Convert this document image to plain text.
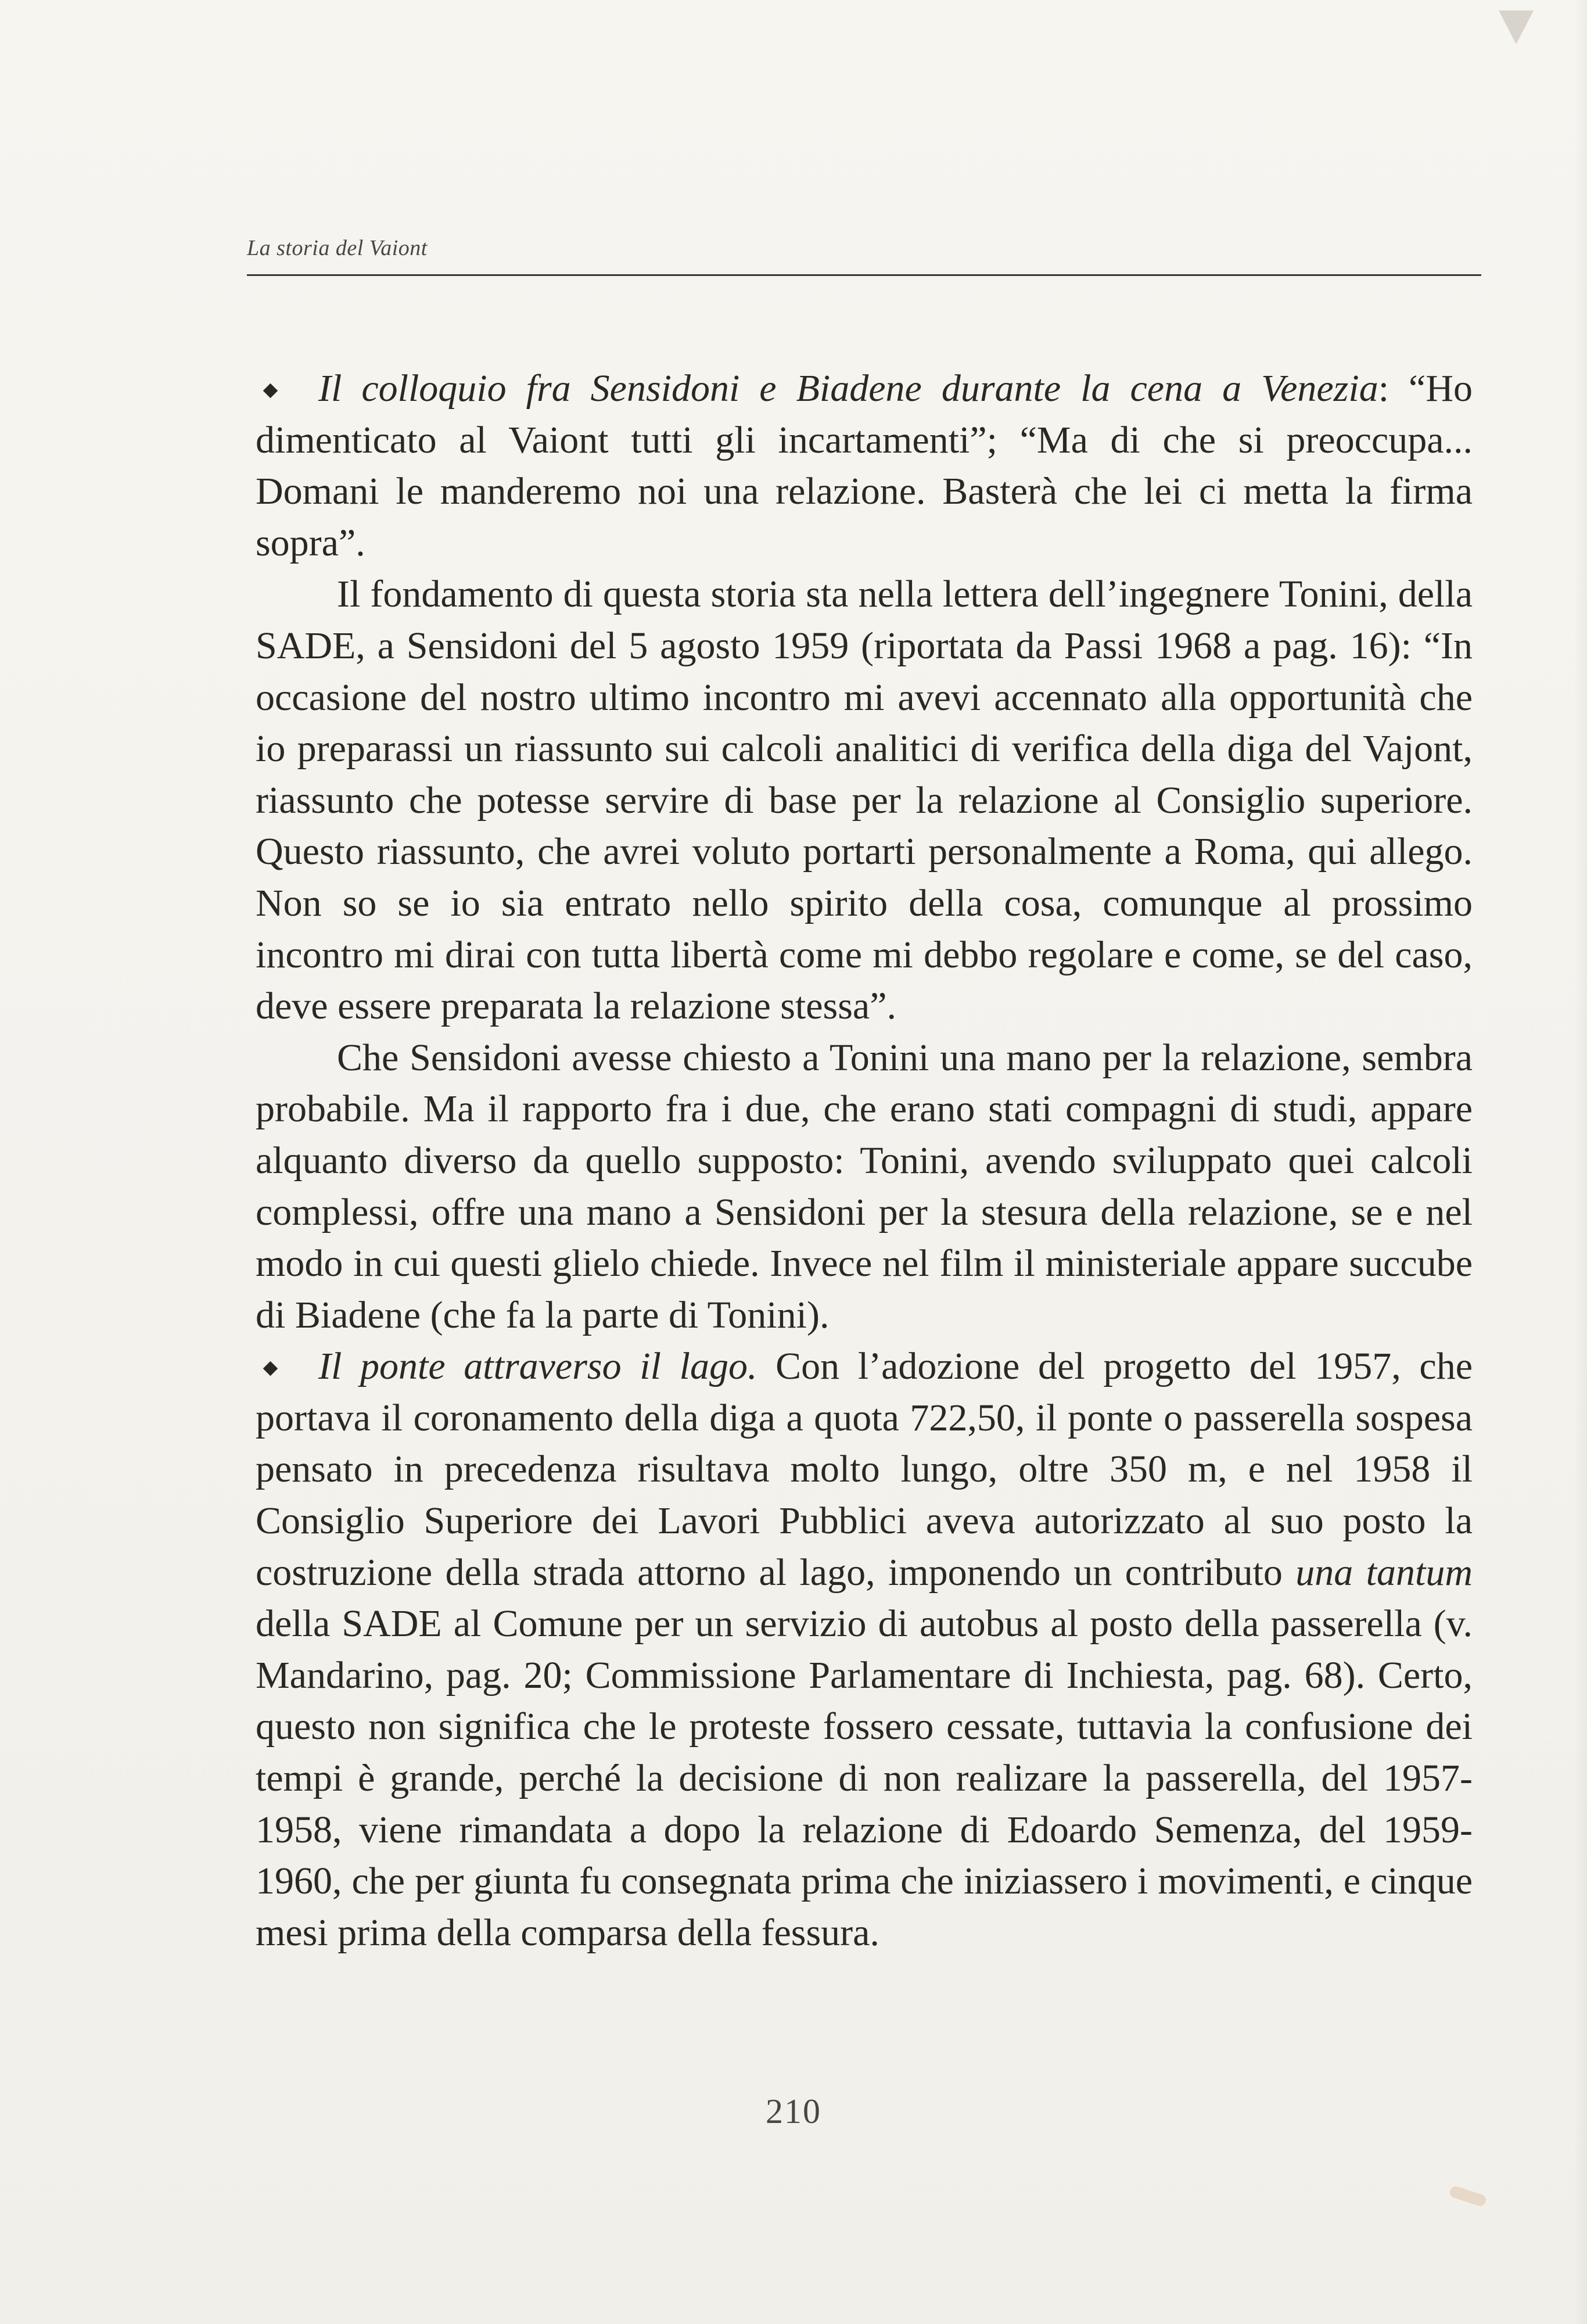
La storia del Vaiont

Il colloquio fra Sensidoni e Biadene durante la cena a Venezia: “Ho dimenticato al Vaiont tutti gli incartamenti”; “Ma di che si preoccupa... Domani le manderemo noi una relazione. Basterà che lei ci metta la firma sopra”.

Il fondamento di questa storia sta nella lettera dell’ingegnere Tonini, della SADE, a Sensidoni del 5 agosto 1959 (riportata da Passi 1968 a pag. 16): “In occasione del nostro ultimo incontro mi avevi accennato alla opportunità che io preparassi un riassunto sui calcoli analitici di verifica della diga del Vajont, riassunto che potesse servire di base per la relazione al Consiglio superiore. Questo riassunto, che avrei voluto portarti personalmente a Roma, qui allego. Non so se io sia entrato nello spirito della cosa, comunque al prossimo incontro mi dirai con tutta libertà come mi debbo regolare e come, se del caso, deve essere preparata la relazione stessa”.

Che Sensidoni avesse chiesto a Tonini una mano per la relazione, sembra probabile. Ma il rapporto fra i due, che erano stati compagni di studi, appare alquanto diverso da quello supposto: Tonini, avendo sviluppato quei calcoli complessi, offre una mano a Sensidoni per la stesura della relazione, se e nel modo in cui questi glielo chiede. Invece nel film il ministeriale appare succube di Biadene (che fa la parte di Tonini).

Il ponte attraverso il lago. Con l’adozione del progetto del 1957, che portava il coronamento della diga a quota 722,50, il ponte o passerella sospesa pensato in precedenza risultava molto lungo, oltre 350 m, e nel 1958 il Consiglio Superiore dei Lavori Pubblici aveva autorizzato al suo posto la costruzione della strada attorno al lago, imponendo un contributo una tantum della SADE al Comune per un servizio di autobus al posto della passerella (v. Mandarino, pag. 20; Commissione Parlamentare di Inchiesta, pag. 68). Certo, questo non significa che le proteste fossero cessate, tuttavia la confusione dei tempi è grande, perché la decisione di non realizare la passerella, del 1957-1958, viene rimandata a dopo la relazione di Edoardo Semenza, del 1959-1960, che per giunta fu consegnata prima che iniziassero i movimenti, e cinque mesi prima della comparsa della fessura.

210
